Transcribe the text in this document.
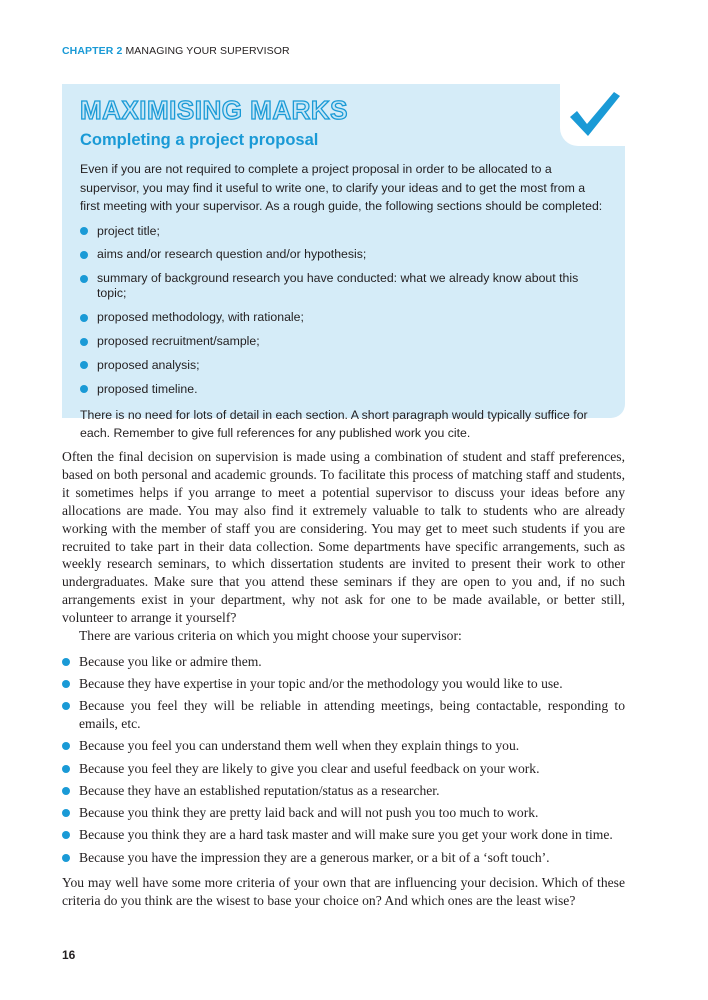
CHAPTER 2 MANAGING YOUR SUPERVISOR
MAXIMISING MARKS
Completing a project proposal

Even if you are not required to complete a project proposal in order to be allocated to a supervisor, you may find it useful to write one, to clarify your ideas and to get the most from a first meeting with your supervisor. As a rough guide, the following sections should be completed:

project title;
aims and/or research question and/or hypothesis;
summary of background research you have conducted: what we already know about this topic;
proposed methodology, with rationale;
proposed recruitment/sample;
proposed analysis;
proposed timeline.

There is no need for lots of detail in each section. A short paragraph would typically suffice for each. Remember to give full references for any published work you cite.

Often the final decision on supervision is made using a combination of student and staff preferences, based on both personal and academic grounds. To facilitate this process of matching staff and students, it sometimes helps if you arrange to meet a potential supervisor to discuss your ideas before any allocations are made. You may also find it extremely valuable to talk to students who are already working with the member of staff you are considering. You may get to meet such students if you are recruited to take part in their data collection. Some departments have specific arrangements, such as weekly research seminars, to which dissertation students are invited to present their work to other undergraduates. Make sure that you attend these seminars if they are open to you and, if no such arrangements exist in your department, why not ask for one to be made available, or better still, volunteer to arrange it yourself?

There are various criteria on which you might choose your supervisor:

Because you like or admire them.
Because they have expertise in your topic and/or the methodology you would like to use.
Because you feel they will be reliable in attending meetings, being contactable, responding to emails, etc.
Because you feel you can understand them well when they explain things to you.
Because you feel they are likely to give you clear and useful feedback on your work.
Because they have an established reputation/status as a researcher.
Because you think they are pretty laid back and will not push you too much to work.
Because you think they are a hard task master and will make sure you get your work done in time.
Because you have the impression they are a generous marker, or a bit of a ‘soft touch’.

You may well have some more criteria of your own that are influencing your decision. Which of these criteria do you think are the wisest to base your choice on? And which ones are the least wise?

16
